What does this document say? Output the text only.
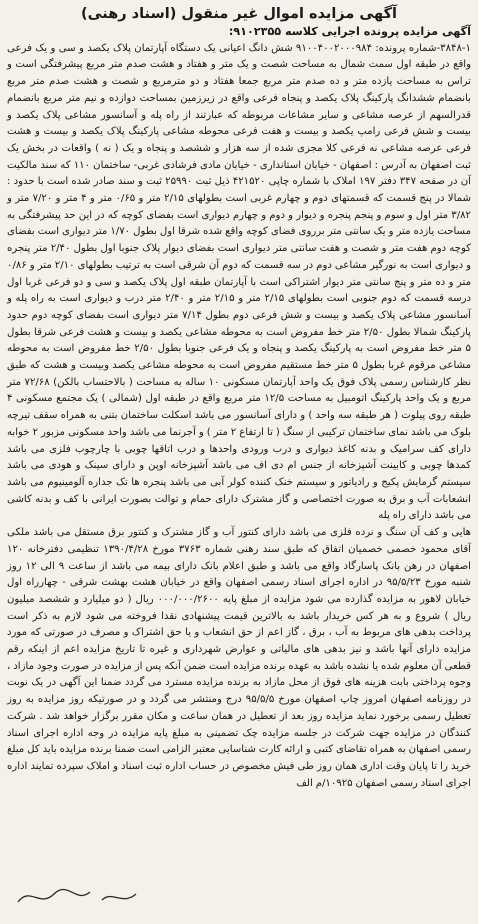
آگهی مزایده اموال غیر منقول (اسناد رهنی)
آگهی مزایده پرونده اجرایی کلاسه ۹۱۰۲۳۵۵:
۳۸۴۸-۱-شماره پرونده: ۹۱۰۰۴۰۰۲۰۰۰۹۸۴ شش دانگ اعیانی یک دستگاه آپارتمان پلاک یکصد و سی و یک فرعی واقع در طبقه اول سمت شمال به مساحت شصت و یک متر و هفتاد و هشت صدم متر مربع پیشرفتگی است و تراس به مساحت یازده متر و ده صدم متر مربع جمعا هفتاد و دو مترمربع و شصت و هشت صدم متر مربع بانضمام ششدانگ پارکینگ پلاک یکصد و پنجاه فرعی واقع در زیرزمین بمساحت دوازده و نیم متر مربع بانضمام قدرالسهم از عرصه مشاعی و سایر مشاعات مربوطه که عبارتند از راه پله و آسانسور مشاعی پلاک یکصد و بیست و شش فرعی رامپ یکصد و بیست و هفت فرعی محوطه مشاعی پارکینگ پلاک یکصد و بیست و هشت فرعی عرصه مشاعی نه فرعی کلا مجزی شده از سه هزار و ششصد و پنجاه و یک ( نه ) واقعات در بخش یک ثبت اصفهان به آدرس : اصفهان - خیابان استانداری - خیابان مادی فرشادی غربی- ساختمان ۱۱۰ که سند مالکیت آن در صفحه ۳۴۷ دفتر ۱۹۷ املاک با شماره چاپی ۴۲۱۵۲۰ ذیل ثبت ۲۵۹۹۰ ثبت و سند صادر شده است با حدود : شمالا در پنج قسمت که قسمتهای دوم و چهارم غربی است بطولهای ۲/۱۵ متر و ۰/۶۵ متر و ۴ متر و ۷/۲۰ متر و ۳/۸۲ متر اول و سوم و پنجم پنجره و دیوار و دوم و چهارم دیواری است بفضای کوچه که در این حد پیشرفتگی به مساحت یازده متر و یک سانتی متر برروی فضای کوچه واقع شده شرقا اول بطول ۱/۷۰ متر دیواری است بفضای کوچه دوم هفت متر و شصت و هفت سانتی متر دیواری است بفضای دیوار پلاک جنوبا اول بطول ۲/۴۰ متر پنجره و دیواری است به نورگیر مشاعی دوم در سه قسمت که دوم آن شرقی است به ترتیب بطولهای ۲/۱۰ متر و ۰/۸۶ متر و ده متر و پنج سانتی متر دیوار اشتراکی است با آپارتمان طبقه اول پلاک یکصد و سی و دو فرعی غربا اول درسه قسمت که دوم جنوبی است بطولهای ۲/۱۵ متر و ۲/۱۵ متر و ۲/۴۰ متر درب و دیواری است به راه پله و آسانسور مشاعی پلاک یکصد و بیست و شش فرعی دوم بطول ۷/۱۴ متر دیواری است بفضای کوچه دوم حدود پارکینگ شمالا بطول ۲/۵۰ متر خط مفروض است به محوطه مشاعی یکصد و بیست و هشت فرعی شرقا بطول ۵ متر خط مفروض است به پارکینگ یکصد و پنجاه و یک فرعی جنوبا بطول ۲/۵۰ خط مفروض است به محوطه مشاعی مرقوم غربا بطول ۵ متر خط مستقیم مفروض است به محوطه مشاعی یکصد وبیست و هشت که طبق نظر کارشناس رسمی پلاک فوق یک واحد آپارتمان مسکونی ۱۰ ساله به مساحت ( بالاحتساب بالکن) ۷۲/۶۸ متر مربع و یک واحد پارکینگ اتومبیل به مساحت ۱۲/۵ متر مربع واقع در طبقه اول (شمالی ) یک مجتمع مسکونی ۴ طبقه روی پیلوت ( هر طبقه سه واحد ) و دارای آسانسور می باشد اسکلت ساختمان بتنی به همراه سقف تیرچه بلوک می باشد نمای ساختمان ترکیبی از سنگ ( تا ارتفاع ۲ متر ) و آجرنما می باشد واحد مسکونی مزبور ۲ خوابه دارای کف سرامیک و بدنه کاغذ دیواری و درب ورودی واحدها و درب اتاقها چوبی با چارچوب فلزی می باشد کمدها چوبی و کابینت آشپزخانه از جنس ام دی اف می باشد آشپزخانه اوپن و دارای سینک و هودی می باشد سیستم گرمایش پکیج و رادیاتور و سیستم خنک کننده کولر آبی می باشد پنجره ها تک جداره آلومینیوم می باشد انشعابات آب و برق به صورت اختصاصی و گاز مشترک دارای حمام و توالت بصورت ایرانی با کف و بدنه کاشی می باشد دارای راه پله
هایی و کف آن سنگ و نرده فلزی می باشد دارای کنتور آب و گاز مشترک و کنتور برق مستقل می باشد ملکی آقای محمود خصمی خصمیان اتفاق که طبق سند رهنی شماره ۳۷۶۳ مورخ ۱۳۹۰/۴/۲۸ تنظیمی دفترخانه ۱۲۰ اصفهان در رهن بانک پاسارگاد واقع می باشد و طبق اعلام بانک دارای بیمه می باشد از ساعت ۹ الی ۱۲ روز شنبه مورخ ۹۵/۵/۲۳ در اداره اجرای اسناد رسمی اصفهان واقع در خیابان هشت بهشت شرقی - چهارراه اول خیابان لاهور به مزایده گذارده می شود مزایده از مبلغ پایه ۰۰۰/۰۰۰/۲۶۰۰ ریال ( دو میلیارد و ششصد میلیون ریال ) شروع و به هر کس خریدار باشد به بالاترین قیمت پیشنهادی نقدا فروخته می شود لازم به ذکر است پرداخت بدهی های مربوط به آب ، برق ، گاز اعم از حق انشعاب و یا حق اشتراک و مصرف در صورتی که مورد مزایده دارای آنها باشد و نیز بدهی های مالیاتی و عوارض شهرداری و غیره تا تاریخ مزایده اعم از اینکه رقم قطعی آن معلوم شده یا نشده باشد به عهده برنده مزایده است ضمن آنکه پس از مزایده در صورت وجود مازاد ، وجوه پرداختی بابت هزینه های فوق از محل مازاد به برنده مزایده مسترد می گردد ضمنا این آگهی در یک نوبت در روزنامه اصفهان امروز چاپ اصفهان مورخ ۹۵/۵/۵ درج ومنتشر می گردد و در صورتیکه روز مزایده به روز تعطیل رسمی برخورد نماید مزایده روز بعد از تعطیل در همان ساعت و مکان مقرر برگزار خواهد شد . شرکت کنندگان در مزایده جهت شرکت در جلسه مزایده چک تضمینی به مبلغ پایه مزایده در وجه اداره اجرای اسناد رسمی اصفهان به همراه تقاضای کتبی و ارائه کارت شناسایی معتبر الزامی است ضمنا برنده مزایده باید کل مبلغ خرید را تا پایان وقت اداری همان روز طی فیش مخصوص در حساب اداره ثبت اسناد و املاک سپرده تمایند اداره اجرای اسناد رسمی اصفهان ۱۰۹۲۵/م الف
